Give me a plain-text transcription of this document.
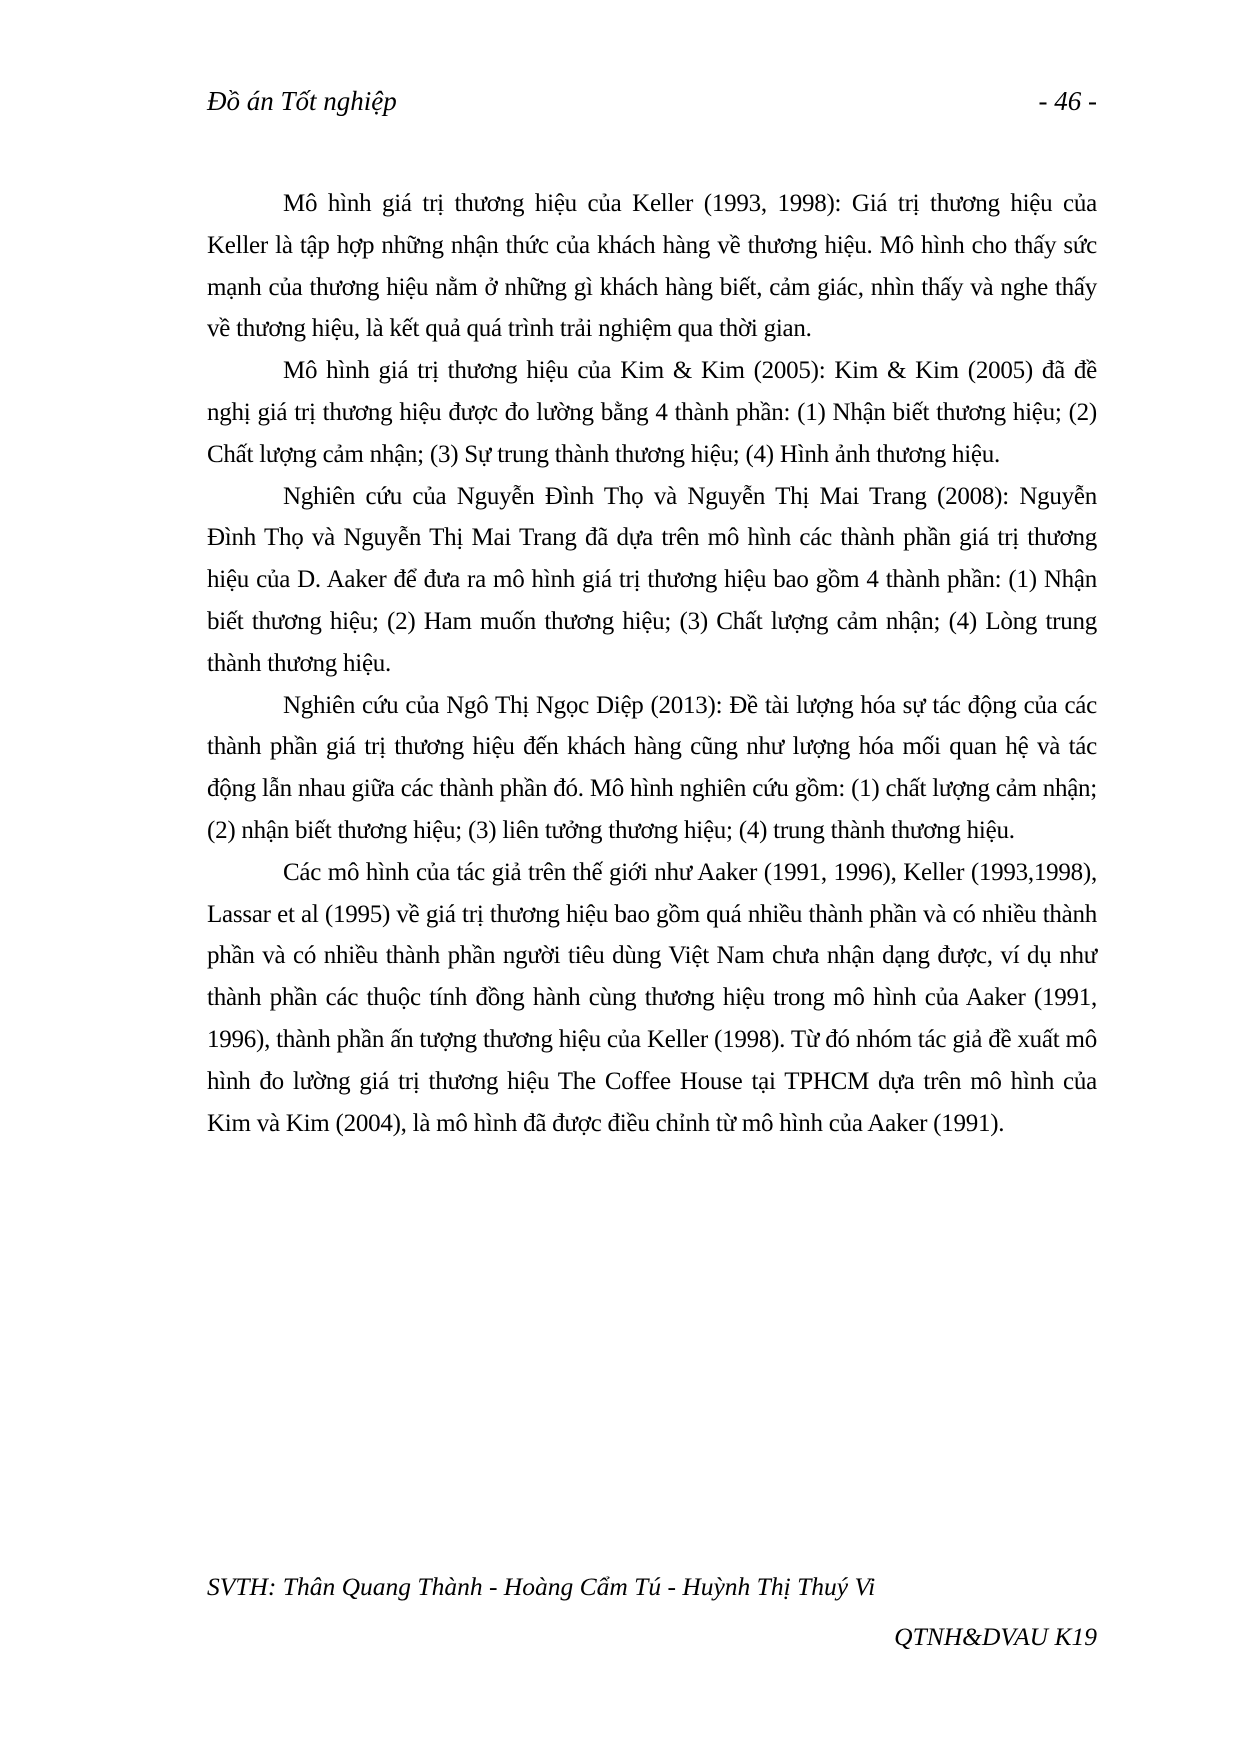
Đồ án Tốt nghiệp	- 46 -

Mô hình giá trị thương hiệu của Keller (1993, 1998): Giá trị thương hiệu của Keller là tập hợp những nhận thức của khách hàng về thương hiệu. Mô hình cho thấy sức mạnh của thương hiệu nằm ở những gì khách hàng biết, cảm giác, nhìn thấy và nghe thấy về thương hiệu, là kết quả quá trình trải nghiệm qua thời gian.

Mô hình giá trị thương hiệu của Kim & Kim (2005): Kim & Kim (2005) đã đề nghị giá trị thương hiệu được đo lường bằng 4 thành phần: (1) Nhận biết thương hiệu; (2) Chất lượng cảm nhận; (3) Sự trung thành thương hiệu; (4) Hình ảnh thương hiệu.

Nghiên cứu của Nguyễn Đình Thọ và Nguyễn Thị Mai Trang (2008): Nguyễn Đình Thọ và Nguyễn Thị Mai Trang đã dựa trên mô hình các thành phần giá trị thương hiệu của D. Aaker để đưa ra mô hình giá trị thương hiệu bao gồm 4 thành phần: (1) Nhận biết thương hiệu; (2) Ham muốn thương hiệu; (3) Chất lượng cảm nhận; (4) Lòng trung thành thương hiệu.

Nghiên cứu của Ngô Thị Ngọc Diệp (2013): Đề tài lượng hóa sự tác động của các thành phần giá trị thương hiệu đến khách hàng cũng như lượng hóa mối quan hệ và tác động lẫn nhau giữa các thành phần đó. Mô hình nghiên cứu gồm: (1) chất lượng cảm nhận; (2) nhận biết thương hiệu; (3) liên tưởng thương hiệu; (4) trung thành thương hiệu.

Các mô hình của tác giả trên thế giới như Aaker (1991, 1996), Keller (1993,1998), Lassar et al (1995) về giá trị thương hiệu bao gồm quá nhiều thành phần và có nhiều thành phần và có nhiều thành phần người tiêu dùng Việt Nam chưa nhận dạng được, ví dụ như thành phần các thuộc tính đồng hành cùng thương hiệu trong mô hình của Aaker (1991, 1996), thành phần ấn tượng thương hiệu của Keller (1998). Từ đó nhóm tác giả đề xuất mô hình đo lường giá trị thương hiệu The Coffee House tại TPHCM dựa trên mô hình của Kim và Kim (2004), là mô hình đã được điều chỉnh từ mô hình của Aaker (1991).

SVTH: Thân Quang Thành - Hoàng Cẩm Tú - Huỳnh Thị Thuý Vi
QTNH&DVAU K19
